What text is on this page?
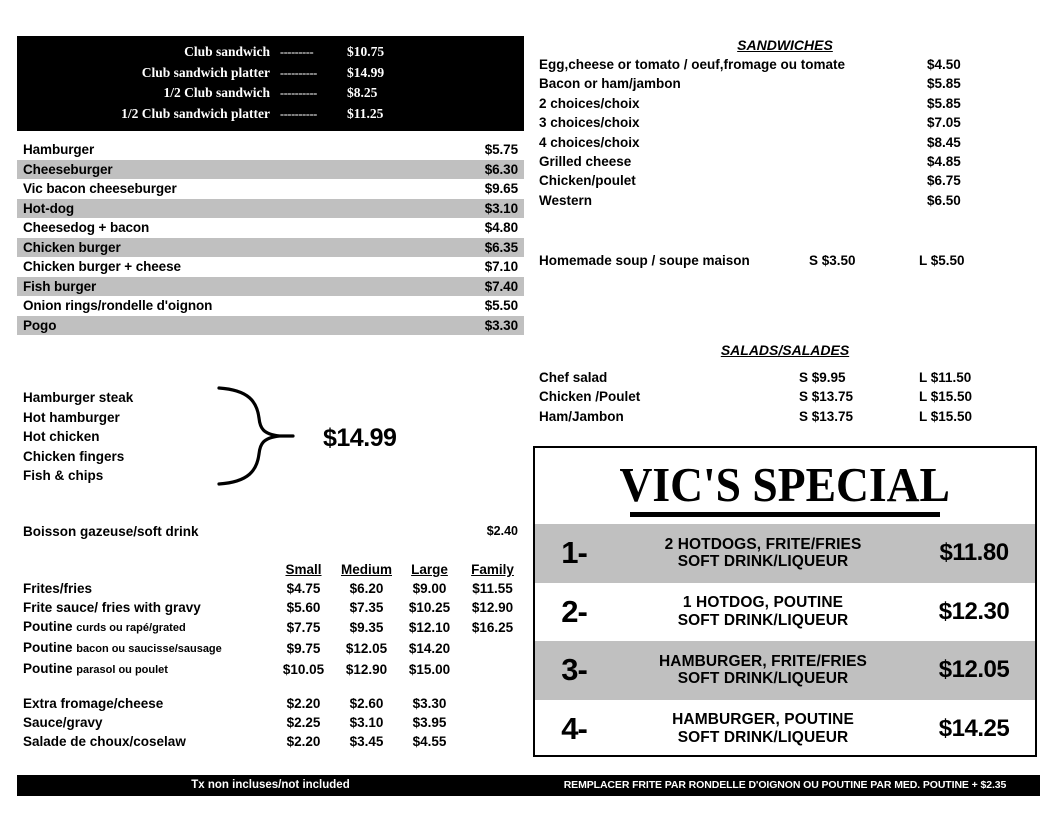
Club sandwich ---------	$10.75
Club sandwich platter ----------	$14.99
1/2 Club sandwich ----------	$8.25
1/2 Club sandwich platter ----------	$11.25
Hamburger	$5.75
Cheeseburger	$6.30
Vic bacon cheeseburger	$9.65
Hot-dog	$3.10
Cheesedog + bacon	$4.80
Chicken burger	$6.35
Chicken burger + cheese	$7.10
Fish burger	$7.40
Onion rings/rondelle d'oignon	$5.50
Pogo	$3.30
Hamburger steak
Hot hamburger
Hot chicken
Chicken fingers
Fish & chips
$14.99
Boisson gazeuse/soft drink	$2.40
	Small	Medium	Large	Family
Frites/fries	$4.75	$6.20	$9.00	$11.55
Frite sauce/ fries with gravy	$5.60	$7.35	$10.25	$12.90
Poutine curds ou rapé/grated	$7.75	$9.35	$12.10	$16.25
Poutine bacon ou saucisse/sausage	$9.75	$12.05	$14.20	
Poutine parasol ou poulet	$10.05	$12.90	$15.00	

Extra fromage/cheese	$2.20	$2.60	$3.30	
Sauce/gravy	$2.25	$3.10	$3.95	
Salade de choux/coselaw	$2.20	$3.45	$4.55	
SANDWICHES
Egg,cheese or tomato / oeuf,fromage ou tomate	$4.50
Bacon or ham/jambon	$5.85
2 choices/choix	$5.85
3 choices/choix	$7.05
4 choices/choix	$8.45
Grilled cheese	$4.85
Chicken/poulet	$6.75
Western	$6.50
Homemade soup / soupe maison	S $3.50	L $5.50
SALADS/SALADES
Chef salad	S $9.95	L $11.50
Chicken /Poulet	S $13.75	L $15.50
Ham/Jambon	S $13.75	L $15.50
VIC'S SPECIAL
1-	2 HOTDOGS, FRITE/FRIES
SOFT DRINK/LIQUEUR	$11.80
2-	1 HOTDOG, POUTINE
SOFT DRINK/LIQUEUR	$12.30
3-	HAMBURGER, FRITE/FRIES
SOFT DRINK/LIQUEUR	$12.05
4-	HAMBURGER, POUTINE
SOFT DRINK/LIQUEUR	$14.25
Tx non incluses/not included	REMPLACER FRITE PAR RONDELLE D'OIGNON OU POUTINE PAR MED. POUTINE + $2.35
